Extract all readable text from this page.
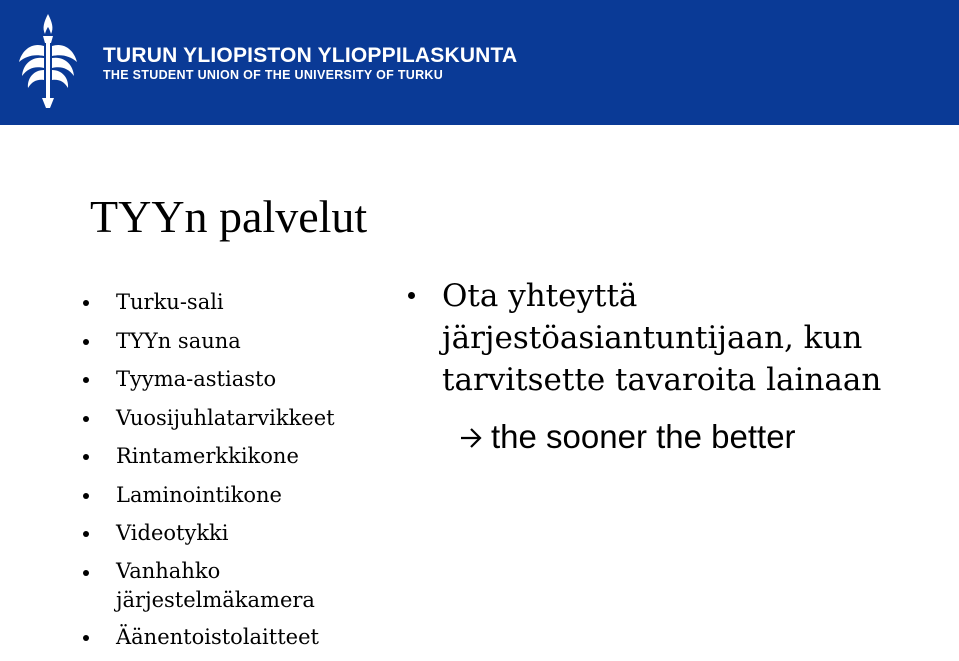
TURUN YLIOPISTON YLIOPPILASKUNTA
THE STUDENT UNION OF THE UNIVERSITY OF TURKU
TYYn palvelut
Turku-sali
TYYn sauna
Tyyma-astiasto
Vuosijuhlatarvikkeet
Rintamerkkikone
Laminointikone
Videotykki
Vanhahko järjestelmäkamera
Äänentoistolaitteet
Ota yhteyttä järjestöasiantuntijaan, kun tarvitsette tavaroita lainaan
the sooner the better
